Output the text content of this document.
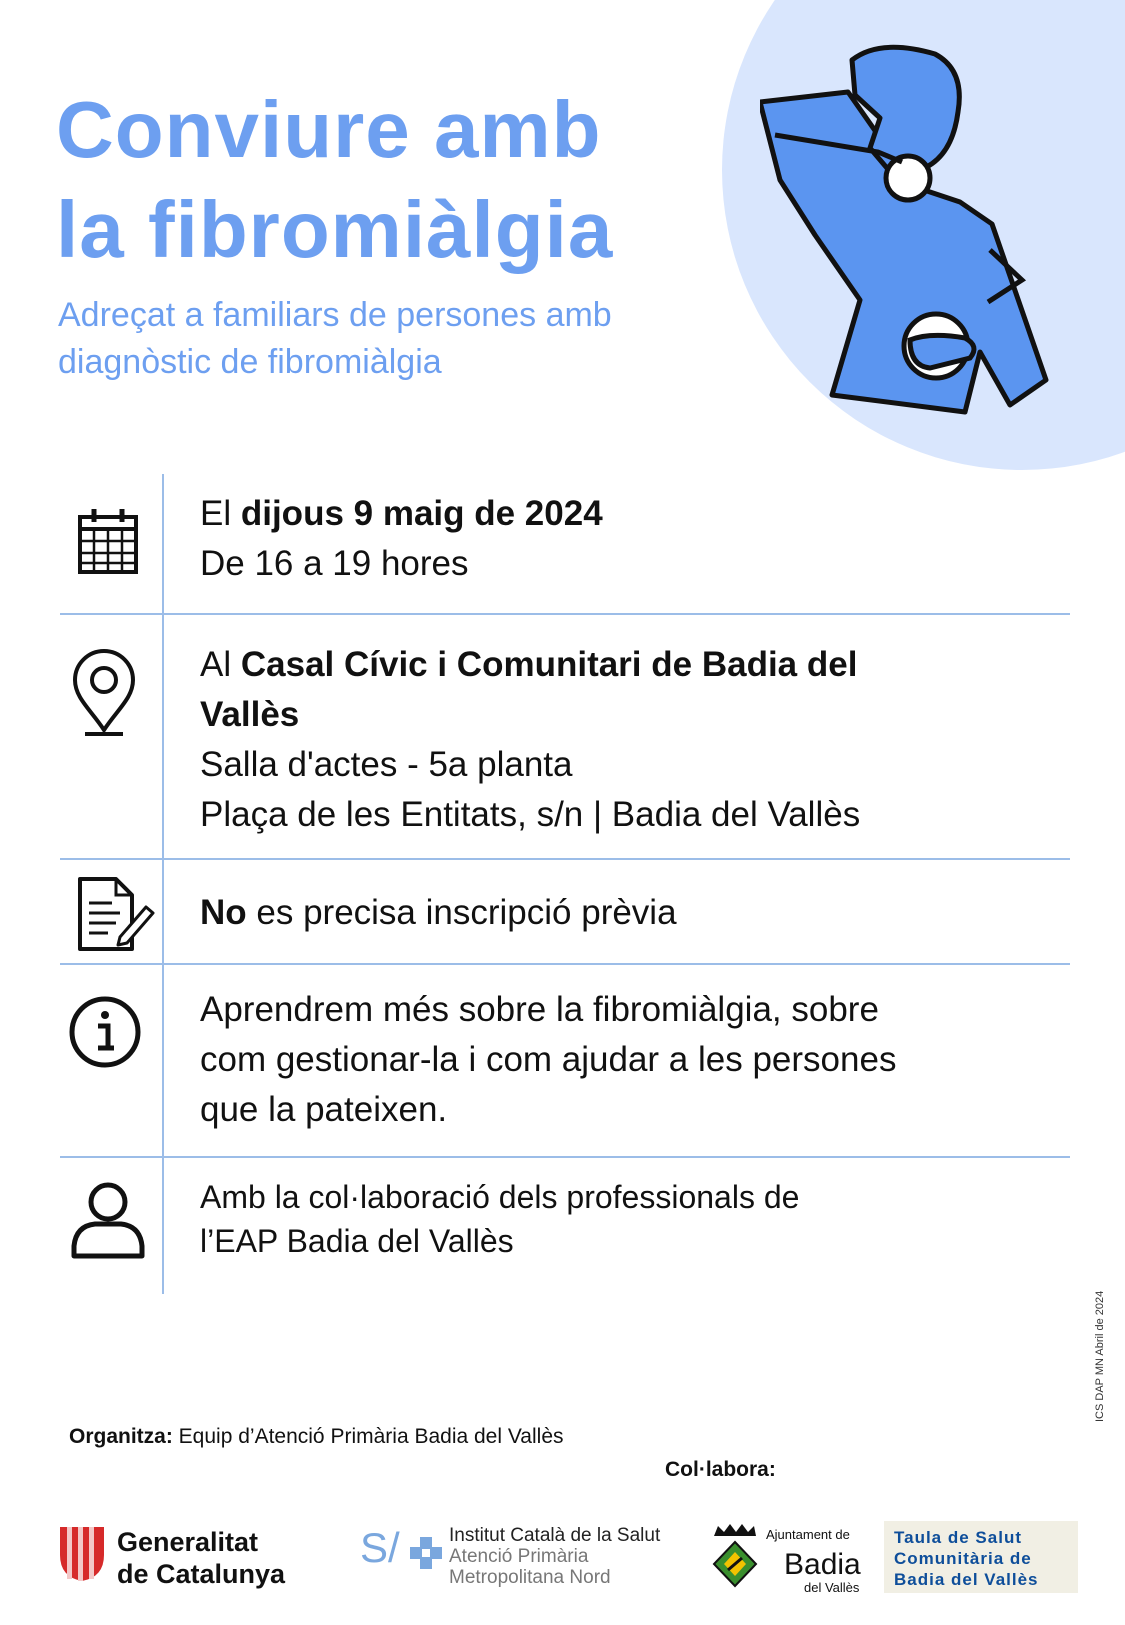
Conviure amb
la fibromiàlgia

Adreçat a familiars de persones amb
diagnòstic de fibromiàlgia

El dijous 9 maig de 2024
De 16 a 19 hores
Al Casal Cívic i Comunitari de Badia del
Vallès
Salla d'actes - 5a planta
Plaça de les Entitats, s/n | Badia del Vallès
No es precisa inscripció prèvia
Aprendrem més sobre la fibromiàlgia, sobre
com gestionar-la i com ajudar a les persones
que la pateixen.
Amb la col·laboració dels professionals de
l’EAP Badia del Vallès
ICS DAP MN Abril de 2024
Organitza: Equip d’Atenció Primària Badia del Vallès
Col·labora:
Generalitat
de Catalunya
S/	Institut Català de la Salut
Atenció Primària
Metropolitana Nord
Ajuntament de
Badia
del Vallès
Taula de Salut
Comunitària de
Badia del Vallès
